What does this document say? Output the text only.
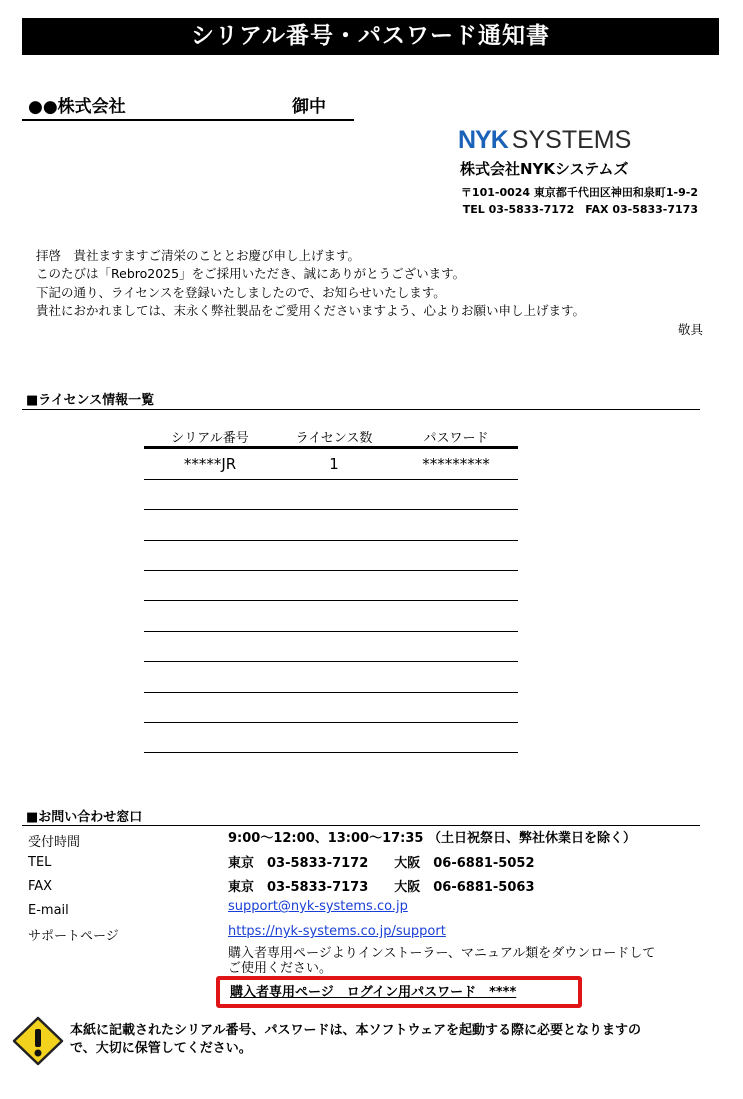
シリアル番号・パスワード通知書
●●株式会社	御中
NYK SYSTEMS
株式会社NYKシステムズ
〒101-0024 東京都千代田区神田和泉町1-9-2
TEL 03-5833-7172　FAX 03-5833-7173
拝啓　貴社ますますご清栄のこととお慶び申し上げます。
このたびは「Rebro2025」をご採用いただき、誠にありがとうございます。
下記の通り、ライセンスを登録いたしましたので、お知らせいたします。
貴社におかれましては、末永く弊社製品をご愛用くださいますよう、心よりお願い申し上げます。
敬具
■ライセンス情報一覧
シリアル番号	ライセンス数	パスワード
*****JR	1	*********
■お問い合わせ窓口
受付時間	9:00～12:00、13:00～17:35 （土日祝祭日、弊社休業日を除く）
TEL	東京　03-5833-7172　　大阪　06-6881-5052
FAX	東京　03-5833-7173　　大阪　06-6881-5063
E-mail	support@nyk-systems.co.jp
サポートページ	https://nyk-systems.co.jp/support
購入者専用ページよりインストーラー、マニュアル類をダウンロードして
ご使用ください。
購入者専用ページ　ログイン用パスワード　****
本紙に記載されたシリアル番号、パスワードは、本ソフトウェアを起動する際に必要となりますの
で、大切に保管してください。
